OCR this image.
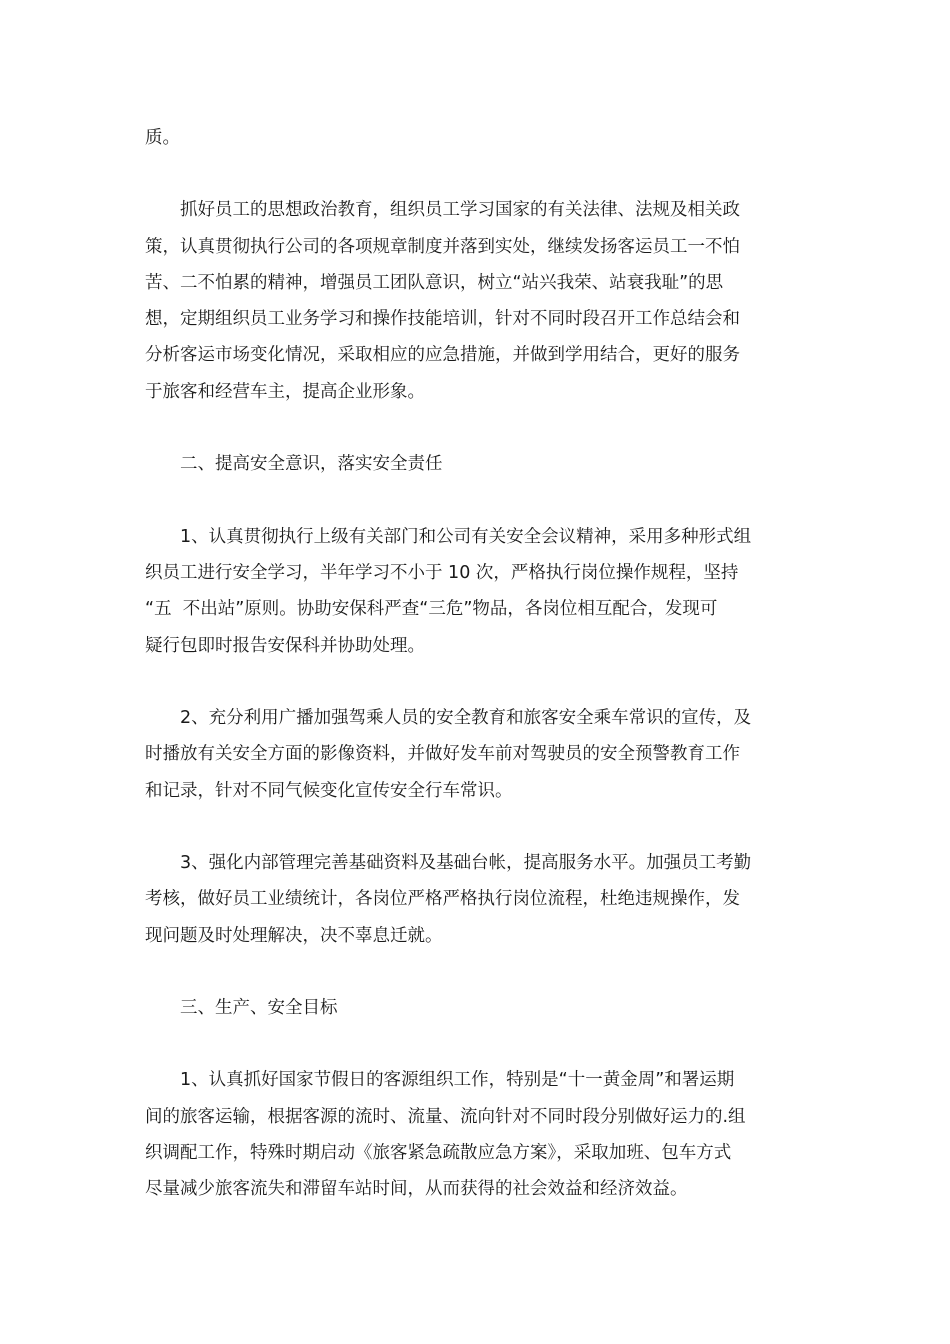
质。
抓好员工的思想政治教育，组织员工学习国家的有关法律、法规及相关政
策，认真贯彻执行公司的各项规章制度并落到实处，继续发扬客运员工一不怕
苦、二不怕累的精神，增强员工团队意识，树立“站兴我荣、站衰我耻”的思
想，定期组织员工业务学习和操作技能培训，针对不同时段召开工作总结会和
分析客运市场变化情况，采取相应的应急措施，并做到学用结合，更好的服务
于旅客和经营车主，提高企业形象。
二、提高安全意识，落实安全责任
1、认真贯彻执行上级有关部门和公司有关安全会议精神，采用多种形式组
织员工进行安全学习，半年学习不小于 10 次，严格执行岗位操作规程，坚持
“五  不出站”原则。协助安保科严查“三危”物品，各岗位相互配合，发现可
疑行包即时报告安保科并协助处理。
2、充分利用广播加强驾乘人员的安全教育和旅客安全乘车常识的宣传，及
时播放有关安全方面的影像资料，并做好发车前对驾驶员的安全预警教育工作
和记录，针对不同气候变化宣传安全行车常识。
3、强化内部管理完善基础资料及基础台帐，提高服务水平。加强员工考勤
考核，做好员工业绩统计，各岗位严格严格执行岗位流程，杜绝违规操作，发
现问题及时处理解决，决不辜息迁就。
三、生产、安全目标
1、认真抓好国家节假日的客源组织工作，特别是“十一黄金周”和署运期
间的旅客运输，根据客源的流时、流量、流向针对不同时段分别做好运力的.组
织调配工作，特殊时期启动《旅客紧急疏散应急方案》，采取加班、包车方式
尽量减少旅客流失和滞留车站时间，从而获得的社会效益和经济效益。
